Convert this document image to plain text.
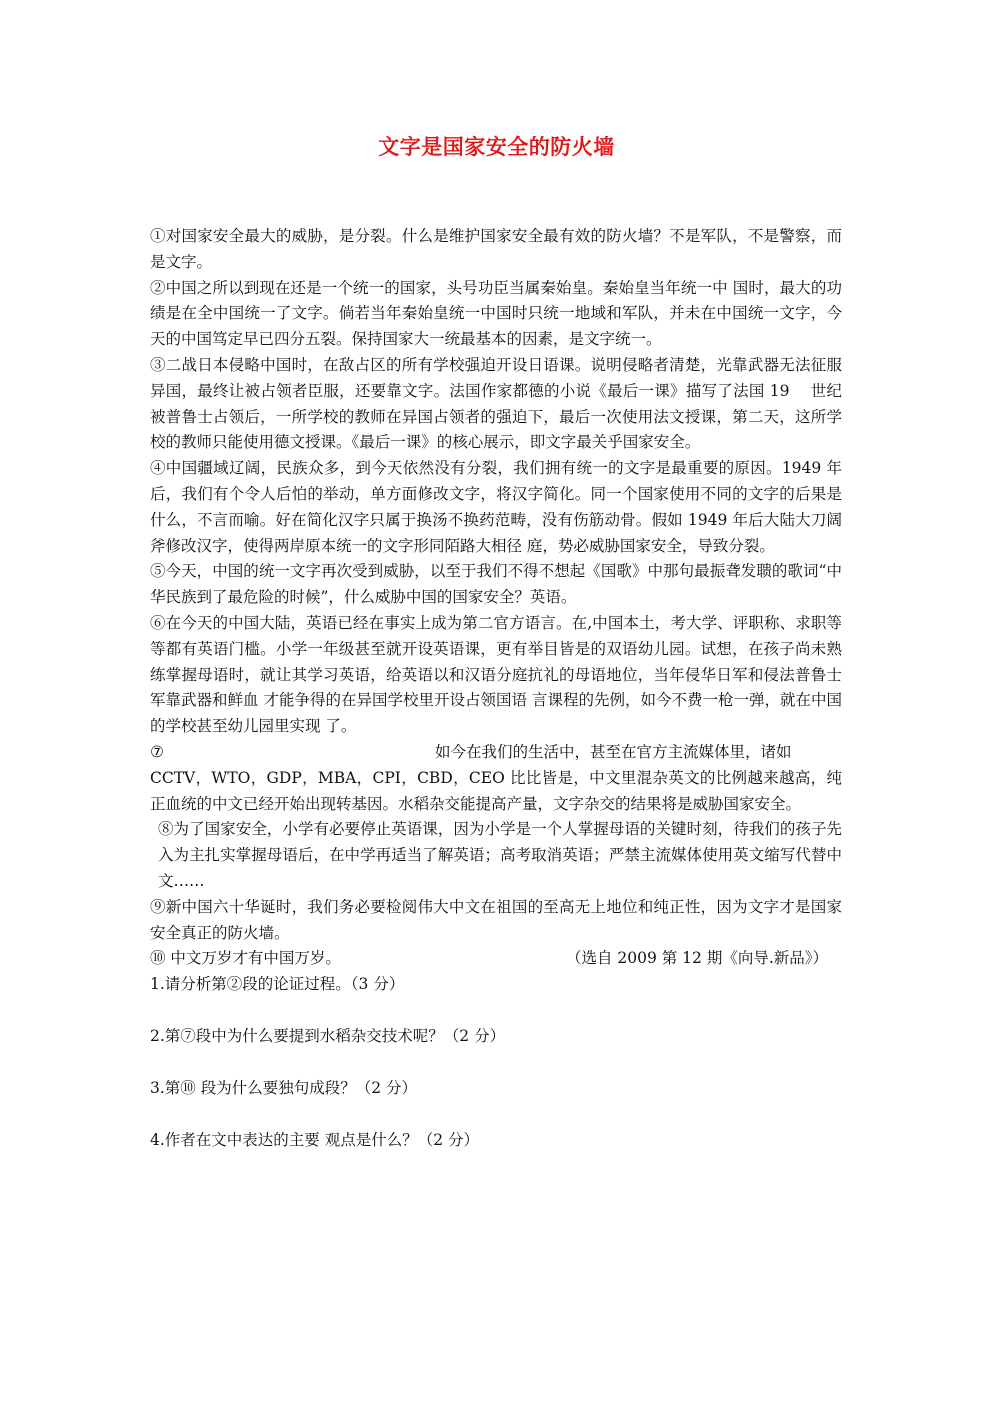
文字是国家安全的防火墙

①对国家安全最大的威胁，是分裂。什么是维护国家安全最有效的防火墙？不是军队，不是警察，而是文字。

②中国之所以到现在还是一个统一的国家，头号功臣当属秦始皇。秦始皇当年统一中 国时，最大的功绩是在全中国统一了文字。倘若当年秦始皇统一中国时只统一地域和军队，并未在中国统一文字，今天的中国笃定早已四分五裂。保持国家大一统最基本的因素，是文字统一。

③二战日本侵略中国时，在敌占区的所有学校强迫开设日语课。说明侵略者清楚，光靠武器无法征服异国，最终让被占领者臣服，还要靠文字。法国作家都德的小说《最后一课》描写了法国 19　 世纪被普鲁士占领后，一所学校的教师在异国占领者的强迫下，最后一次使用法文授课，第二天，这所学校的教师只能使用德文授课。《最后一课》的核心展示，即文字最关乎国家安全。

④中国疆域辽阔，民族众多，到今天依然没有分裂，我们拥有统一的文字是最重要的原因。1949 年后，我们有个令人后怕的举动，单方面修改文字，将汉字简化。同一个国家使用不同的文字的后果是什么，不言而喻。好在简化汉字只属于换汤不换药范畴，没有伤筋动骨。假如 1949 年后大陆大刀阔斧修改汉字，使得两岸原本统一的文字形同陌路大相径 庭，势必威胁国家安全，导致分裂。

⑤今天，中国的统一文字再次受到威胁，以至于我们不得不想起《国歌》中那句最振聋发聩的歌词“中华民族到了最危险的时候”，什么威胁中国的国家安全？英语。

⑥在今天的中国大陆，英语已经在事实上成为第二官方语言。在,中国本土，考大学、评职称、求职等等都有英语门槛。小学一年级甚至就开设英语课，更有举目皆是的双语幼儿园。试想，在孩子尚未熟练掌握母语时，就让其学习英语，给英语以和汉语分庭抗礼的母语地位，当年侵华日军和侵法普鲁士军靠武器和鲜血 才能争得的在异国学校里开设占领国语 言课程的先例，如今不费一枪一弹，就在中国的学校甚至幼儿园里实现 了。

⑦	如今在我们的生活中，甚至在官方主流媒体里，诸如

CCTV，WTO，GDP，MBA，CPI，CBD，CEO 比比皆是，中文里混杂英文的比例越来越高，纯正血统的中文已经开始出现转基因。水稻杂交能提高产量，文字杂交的结果将是威胁国家安全。

⑧为了国家安全，小学有必要停止英语课，因为小学是一个人掌握母语的关键时刻，待我们的孩子先入为主扎实掌握母语后，在中学再适当了解英语；高考取消英语；严禁主流媒体使用英文缩写代替中文……

⑨新中国六十华诞时，我们务必要检阅伟大中文在祖国的至高无上地位和纯正性，因为文字才是国家安全真正的防火墙。

⑩ 中文万岁才有中国万岁。	（选自 2009 第 12 期《向导.新品》）

1.请分析第②段的论证过程。（3 分）

2.第⑦段中为什么要提到水稻杂交技术呢？（2 分）

3.第⑩ 段为什么要独句成段？（2 分）

4.作者在文中表达的主要 观点是什么？（2 分）
